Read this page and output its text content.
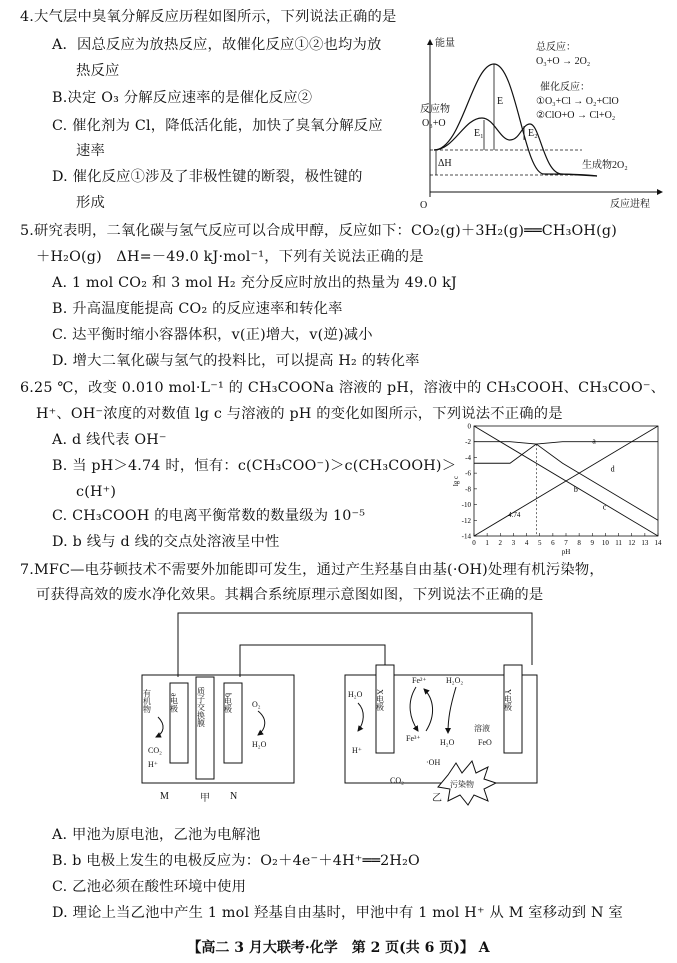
4.大气层中臭氧分解反应历程如图所示，下列说法正确的是
A．因总反应为放热反应，故催化反应①②也均为放
热反应
B.决定 O₃ 分解反应速率的是催化反应②
C. 催化剂为 Cl，降低活化能，加快了臭氧分解反应
速率
D. 催化反应①涉及了非极性键的断裂，极性键的
形成
能量
反应进程
O
E
E₁	E₂
ΔH
反应物
O₃+O
生成物2O₂
总反应：
O₃+O → 2O₂
催化反应：
①O₃+Cl → O₂+ClO
②ClO+O → Cl+O₂
5.研究表明，二氧化碳与氢气反应可以合成甲醇，反应如下：CO₂(g)＋3H₂(g)══CH₃OH(g)
＋H₂O(g)　ΔH=－49.0 kJ·mol⁻¹，下列有关说法正确的是
A. 1 mol CO₂ 和 3 mol H₂ 充分反应时放出的热量为 49.0 kJ
B. 升高温度能提高 CO₂ 的反应速率和转化率
C. 达平衡时缩小容器体积，v(正)增大，v(逆)减小
D. 增大二氧化碳与氢气的投料比，可以提高 H₂ 的转化率
6.25 ℃，改变 0.010 mol·L⁻¹ 的 CH₃COONa 溶液的 pH，溶液中的 CH₃COOH、CH₃COO⁻、
H⁺、OH⁻浓度的对数值 lg c 与溶液的 pH 的变化如图所示，下列说法不正确的是
A. d 线代表 OH⁻
B. 当 pH＞4.74 时，恒有：c(CH₃COO⁻)＞c(CH₃COOH)＞
c(H⁺)
C. CH₃COOH 的电离平衡常数的数量级为 10⁻⁵
D. b 线与 d 线的交点处溶液呈中性	0 1 2 3 4 5 6 7 8 9 10 11 12 13 14
0
-2
-4
-6
-8
-10
-12
-14
pH
lg c
a
b
c
d
4.74
7.MFC—电芬顿技术不需要外加能即可发生，通过产生羟基自由基(·OH)处理有机污染物，
可获得高效的废水净化效果。其耦合系统原理示意图如图，下列说法不正确的是
a电极 质子交换膜 b电极
有机物
CO₂
H⁺
O₂
H₂O
M	甲 N
X电极	Y电极
H₂O
H⁺
Fe²⁺ H₂O₂
Fe³⁺ H₂O
溶液
FeO
·OH
CO₂	污染物
乙
A. 甲池为原电池，乙池为电解池
B. b 电极上发生的电极反应为：O₂＋4e⁻＋4H⁺══2H₂O
C. 乙池必须在酸性环境中使用
D. 理论上当乙池中产生 1 mol 羟基自由基时，甲池中有 1 mol H⁺ 从 M 室移动到 N 室
【高二 3 月大联考·化学　第 2 页(共 6 页)】 A
